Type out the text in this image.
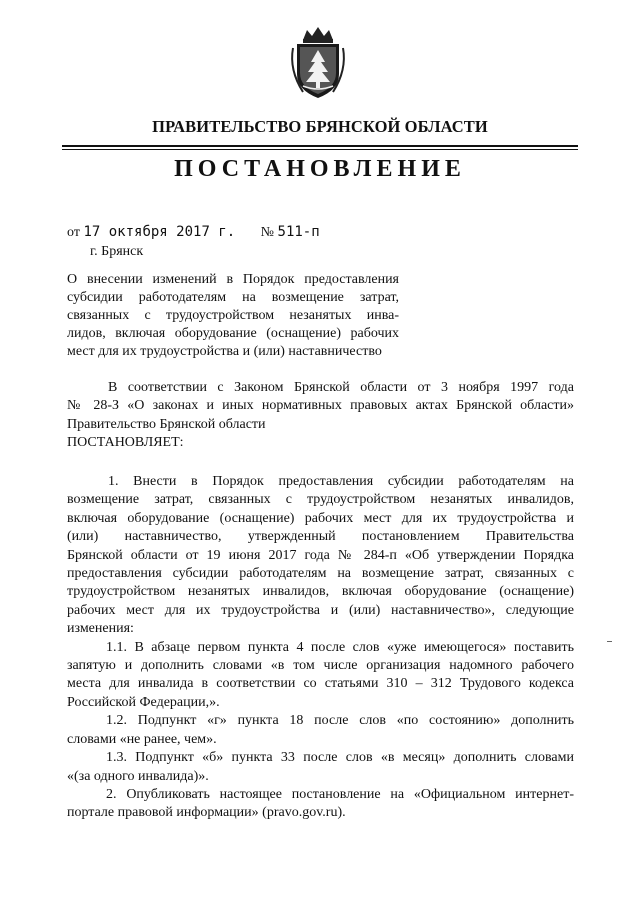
ПРАВИТЕЛЬСТВО БРЯНСКОЙ ОБЛАСТИ
ПОСТАНОВЛЕНИЕ
от 17 октября 2017 г. № 511-п
г. Брянск
О внесении изменений в Порядок предоставления
субсидии работодателям на возмещение затрат,
связанных с трудоустройством незанятых инва-
лидов, включая оборудование (оснащение) рабочих
мест для их трудоустройства и (или) наставничество
В соответствии с Законом Брянской области от 3 ноября 1997 года
№ 28-З «О законах и иных нормативных правовых актах Брянской области»
Правительство Брянской области
ПОСТАНОВЛЯЕТ:
1. Внести в Порядок предоставления субсидии работодателям на
возмещение затрат, связанных с трудоустройством незанятых инвалидов,
включая оборудование (оснащение) рабочих мест для их трудоустройства и
(или) наставничество, утвержденный постановлением Правительства
Брянской области от 19 июня 2017 года № 284-п «Об утверждении Порядка
предоставления субсидии работодателям на возмещение затрат, связанных с
трудоустройством незанятых инвалидов, включая оборудование (оснащение)
рабочих мест для их трудоустройства и (или) наставничество», следующие
изменения:
1.1. В абзаце первом пункта 4 после слов «уже имеющегося» поставить
запятую и дополнить словами «в том числе организация надомного рабочего
места для инвалида в соответствии со статьями 310 – 312 Трудового кодекса
Российской Федерации,».
1.2. Подпункт «г» пункта 18 после слов «по состоянию» дополнить
словами «не ранее, чем».
1.3. Подпункт «б» пункта 33 после слов «в месяц» дополнить словами
«(за одного инвалида)».
2. Опубликовать настоящее постановление на «Официальном интернет-
портале правовой информации» (pravo.gov.ru).
